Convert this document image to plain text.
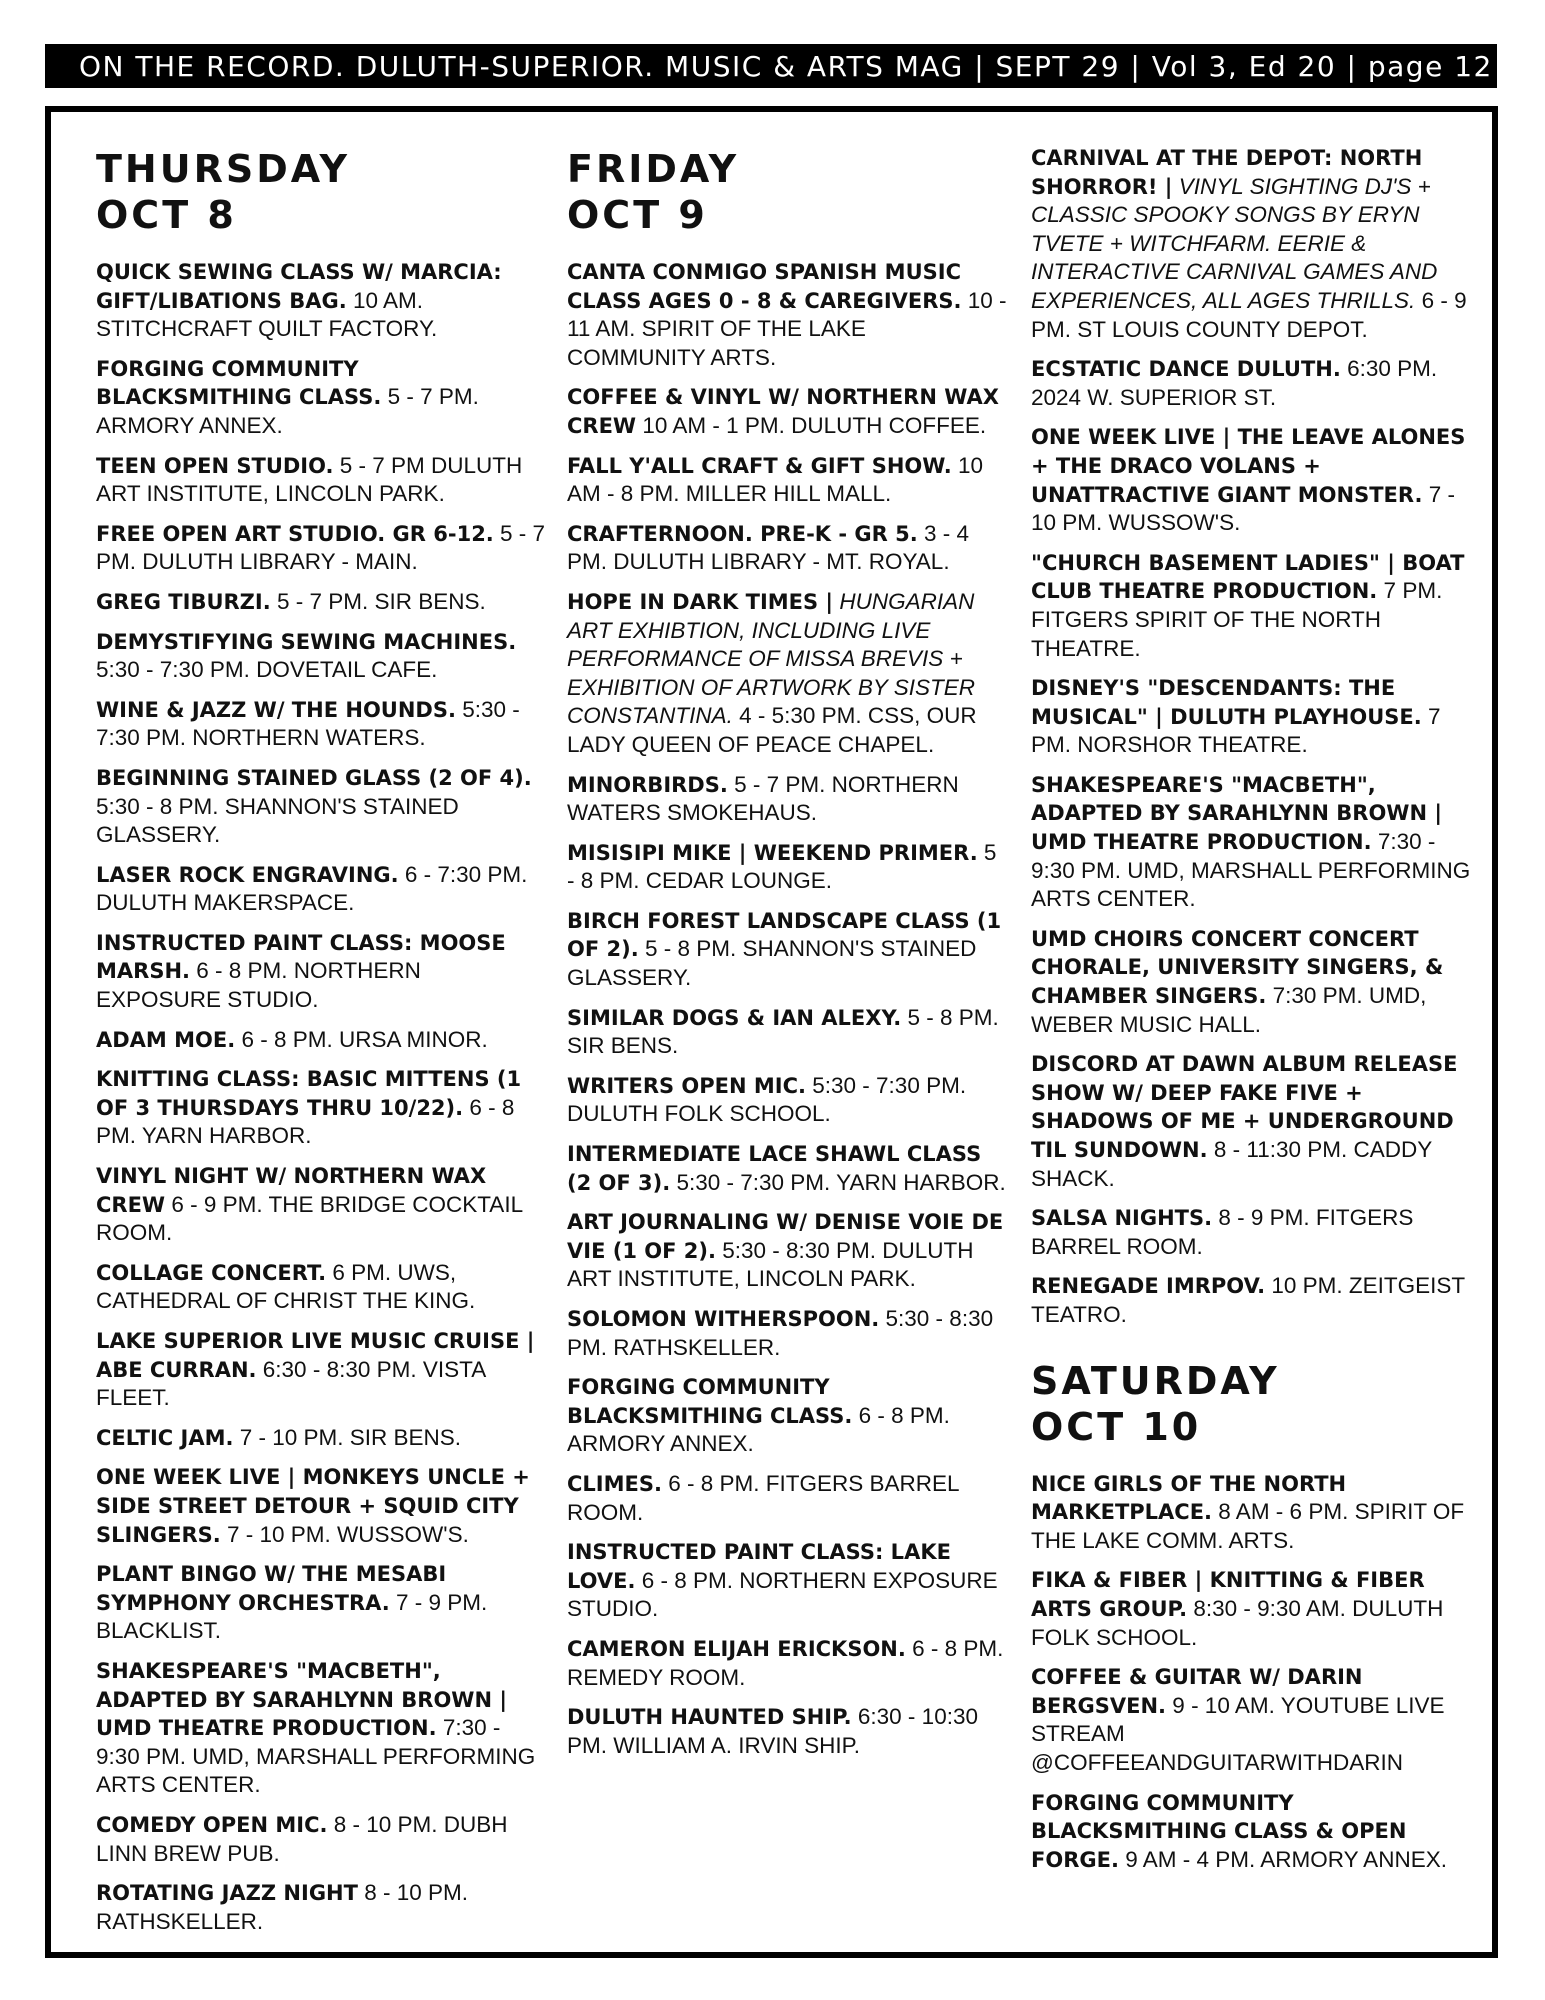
ON THE RECORD. DULUTH-SUPERIOR. MUSIC & ARTS MAG | SEPT 29 | Vol 3, Ed 20 | page 12
THURSDAY
OCT 8

QUICK SEWING CLASS W/ MARCIA: GIFT/LIBATIONS BAG. 10 AM. STITCHCRAFT QUILT FACTORY.

FORGING COMMUNITY BLACKSMITHING CLASS. 5 - 7 PM. ARMORY ANNEX.

TEEN OPEN STUDIO. 5 - 7 PM DULUTH ART INSTITUTE, LINCOLN PARK.

FREE OPEN ART STUDIO. GR 6-12. 5 - 7 PM. DULUTH LIBRARY - MAIN.

GREG TIBURZI. 5 - 7 PM. SIR BENS.

DEMYSTIFYING SEWING MACHINES. 5:30 - 7:30 PM. DOVETAIL CAFE.

WINE & JAZZ W/ THE HOUNDS. 5:30 - 7:30 PM. NORTHERN WATERS.

BEGINNING STAINED GLASS (2 OF 4). 5:30 - 8 PM. SHANNON'S STAINED GLASSERY.

LASER ROCK ENGRAVING. 6 - 7:30 PM. DULUTH MAKERSPACE.

INSTRUCTED PAINT CLASS: MOOSE MARSH. 6 - 8 PM. NORTHERN EXPOSURE STUDIO.

ADAM MOE. 6 - 8 PM. URSA MINOR.

KNITTING CLASS: BASIC MITTENS (1 OF 3 THURSDAYS THRU 10/22). 6 - 8 PM. YARN HARBOR.

VINYL NIGHT W/ NORTHERN WAX CREW 6 - 9 PM. THE BRIDGE COCKTAIL ROOM.

COLLAGE CONCERT. 6 PM. UWS, CATHEDRAL OF CHRIST THE KING.

LAKE SUPERIOR LIVE MUSIC CRUISE | ABE CURRAN. 6:30 - 8:30 PM. VISTA FLEET.

CELTIC JAM. 7 - 10 PM. SIR BENS.

ONE WEEK LIVE | MONKEYS UNCLE + SIDE STREET DETOUR + SQUID CITY SLINGERS. 7 - 10 PM. WUSSOW'S.

PLANT BINGO W/ THE MESABI SYMPHONY ORCHESTRA. 7 - 9 PM. BLACKLIST.

SHAKESPEARE'S "MACBETH", ADAPTED BY SARAHLYNN BROWN | UMD THEATRE PRODUCTION. 7:30 - 9:30 PM. UMD, MARSHALL PERFORMING ARTS CENTER.

COMEDY OPEN MIC. 8 - 10 PM. DUBH LINN BREW PUB.

ROTATING JAZZ NIGHT 8 - 10 PM. RATHSKELLER.

FRIDAY
OCT 9

CANTA CONMIGO SPANISH MUSIC CLASS AGES 0 - 8 & CAREGIVERS. 10 - 11 AM. SPIRIT OF THE LAKE COMMUNITY ARTS.

COFFEE & VINYL W/ NORTHERN WAX CREW 10 AM - 1 PM. DULUTH COFFEE.

FALL Y'ALL CRAFT & GIFT SHOW. 10 AM - 8 PM. MILLER HILL MALL.

CRAFTERNOON. PRE-K - GR 5. 3 - 4 PM. DULUTH LIBRARY - MT. ROYAL.

HOPE IN DARK TIMES | HUNGARIAN ART EXHIBTION, INCLUDING LIVE PERFORMANCE OF MISSA BREVIS + EXHIBITION OF ARTWORK BY SISTER CONSTANTINA. 4 - 5:30 PM. CSS, OUR LADY QUEEN OF PEACE CHAPEL.

MINORBIRDS. 5 - 7 PM. NORTHERN WATERS SMOKEHAUS.

MISISIPI MIKE | WEEKEND PRIMER. 5 - 8 PM. CEDAR LOUNGE.

BIRCH FOREST LANDSCAPE CLASS (1 OF 2). 5 - 8 PM. SHANNON'S STAINED GLASSERY.

SIMILAR DOGS & IAN ALEXY. 5 - 8 PM. SIR BENS.

WRITERS OPEN MIC. 5:30 - 7:30 PM. DULUTH FOLK SCHOOL.

INTERMEDIATE LACE SHAWL CLASS (2 OF 3). 5:30 - 7:30 PM. YARN HARBOR.

ART JOURNALING W/ DENISE VOIE DE VIE (1 OF 2). 5:30 - 8:30 PM. DULUTH ART INSTITUTE, LINCOLN PARK.

SOLOMON WITHERSPOON. 5:30 - 8:30 PM. RATHSKELLER.

FORGING COMMUNITY BLACKSMITHING CLASS. 6 - 8 PM. ARMORY ANNEX.

CLIMES. 6 - 8 PM. FITGERS BARREL ROOM.

INSTRUCTED PAINT CLASS: LAKE LOVE. 6 - 8 PM. NORTHERN EXPOSURE STUDIO.

CAMERON ELIJAH ERICKSON. 6 - 8 PM. REMEDY ROOM.

DULUTH HAUNTED SHIP. 6:30 - 10:30 PM. WILLIAM A. IRVIN SHIP.

CARNIVAL AT THE DEPOT: NORTH SHORROR! | VINYL SIGHTING DJ'S + CLASSIC SPOOKY SONGS BY ERYN TVETE + WITCHFARM. EERIE & INTERACTIVE CARNIVAL GAMES AND EXPERIENCES, ALL AGES THRILLS. 6 - 9 PM. ST LOUIS COUNTY DEPOT.

ECSTATIC DANCE DULUTH. 6:30 PM. 2024 W. SUPERIOR ST.

ONE WEEK LIVE | THE LEAVE ALONES + THE DRACO VOLANS + UNATTRACTIVE GIANT MONSTER. 7 - 10 PM. WUSSOW'S.

"CHURCH BASEMENT LADIES" | BOAT CLUB THEATRE PRODUCTION. 7 PM. FITGERS SPIRIT OF THE NORTH THEATRE.

DISNEY'S "DESCENDANTS: THE MUSICAL" | DULUTH PLAYHOUSE. 7 PM. NORSHOR THEATRE.

SHAKESPEARE'S "MACBETH", ADAPTED BY SARAHLYNN BROWN | UMD THEATRE PRODUCTION. 7:30 - 9:30 PM. UMD, MARSHALL PERFORMING ARTS CENTER.

UMD CHOIRS CONCERT CONCERT CHORALE, UNIVERSITY SINGERS, & CHAMBER SINGERS. 7:30 PM. UMD, WEBER MUSIC HALL.

DISCORD AT DAWN ALBUM RELEASE SHOW W/ DEEP FAKE FIVE + SHADOWS OF ME + UNDERGROUND TIL SUNDOWN. 8 - 11:30 PM. CADDY SHACK.

SALSA NIGHTS. 8 - 9 PM. FITGERS BARREL ROOM.

RENEGADE IMRPOV. 10 PM. ZEITGEIST TEATRO.

SATURDAY
OCT 10

NICE GIRLS OF THE NORTH MARKETPLACE. 8 AM - 6 PM. SPIRIT OF THE LAKE COMM. ARTS.

FIKA & FIBER | KNITTING & FIBER ARTS GROUP. 8:30 - 9:30 AM. DULUTH FOLK SCHOOL.

COFFEE & GUITAR W/ DARIN BERGSVEN. 9 - 10 AM. YOUTUBE LIVE STREAM @COFFEEANDGUITARWITHDARIN

FORGING COMMUNITY BLACKSMITHING CLASS & OPEN FORGE. 9 AM - 4 PM. ARMORY ANNEX.
